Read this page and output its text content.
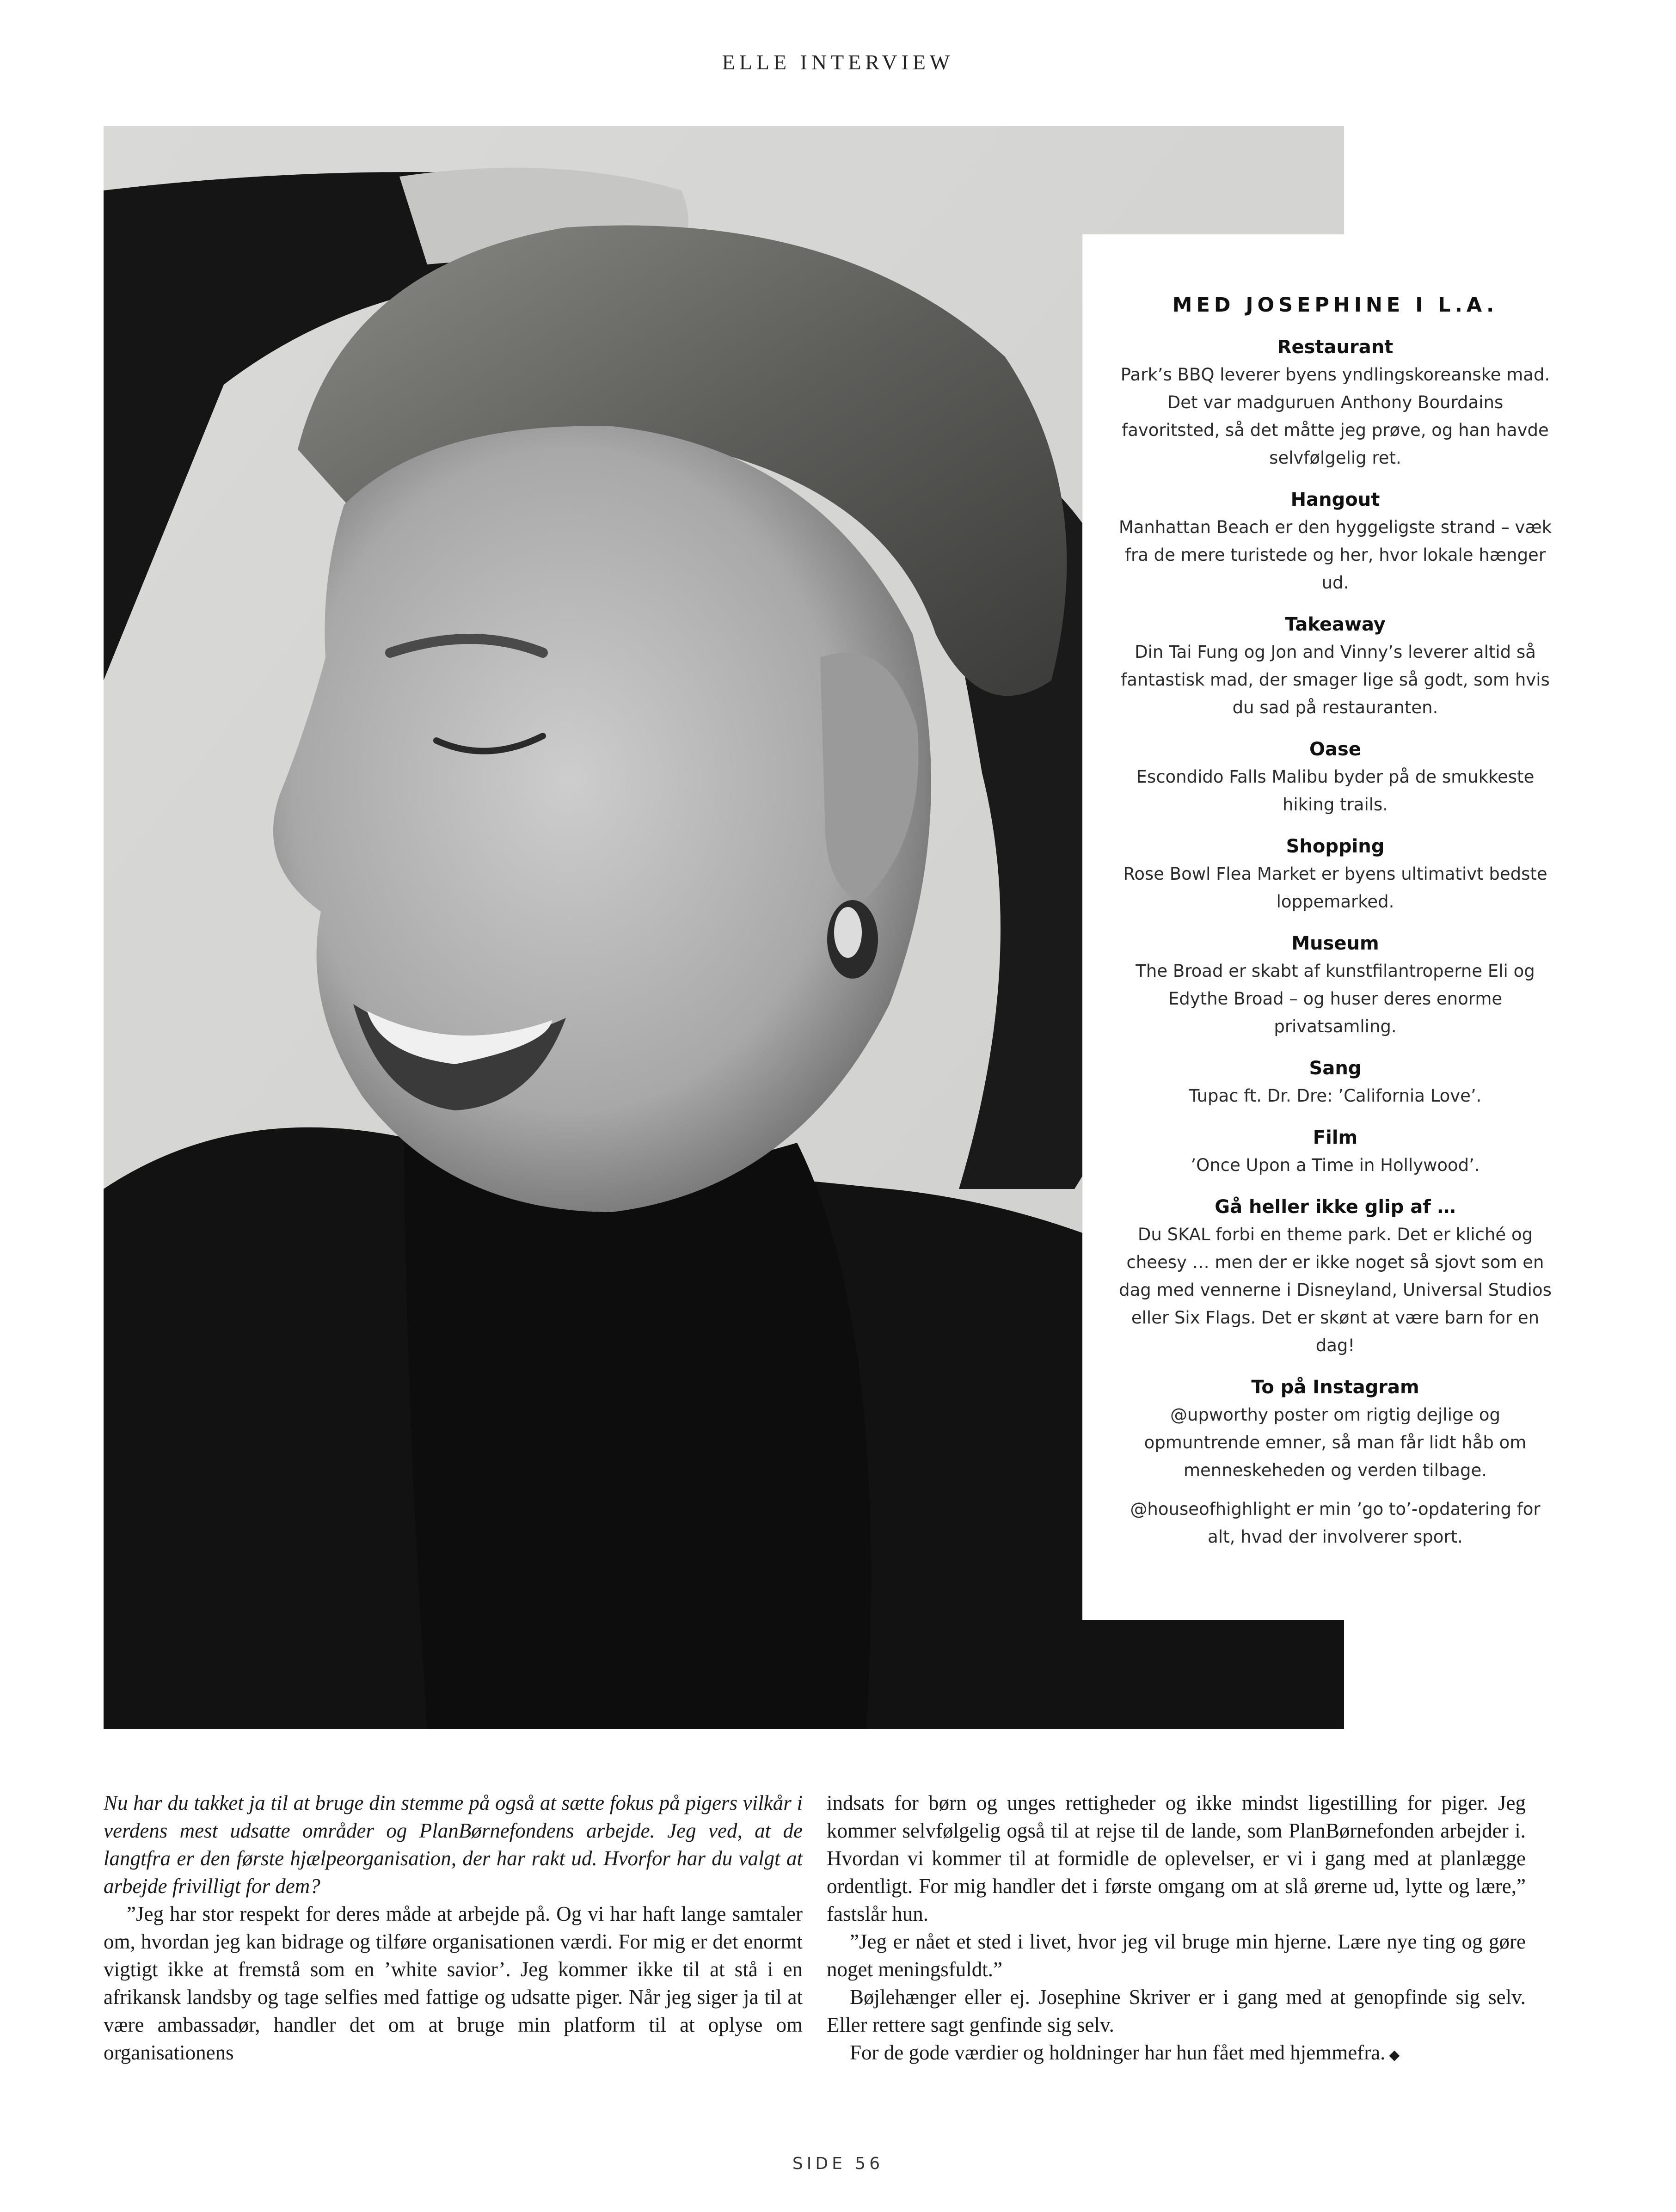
ELLE INTERVIEW
MED JOSEPHINE I L.A.
Restaurant
Park’s BBQ leverer byens yndlingskoreanske mad. Det var madguruen Anthony Bourdains favoritsted, så det måtte jeg prøve, og han havde selvfølgelig ret.
Hangout
Manhattan Beach er den hyggeligste strand – væk fra de mere turistede og her, hvor lokale hænger ud.
Takeaway
Din Tai Fung og Jon and Vinny’s leverer altid så fantastisk mad, der smager lige så godt, som hvis du sad på restauranten.
Oase
Escondido Falls Malibu byder på de smukkeste hiking trails.
Shopping
Rose Bowl Flea Market er byens ultimativt bedste loppemarked.
Museum
The Broad er skabt af kunstfilantroperne Eli og Edythe Broad – og huser deres enorme privatsamling.
Sang
Tupac ft. Dr. Dre: ’California Love’.
Film
’Once Upon a Time in Hollywood’.
Gå heller ikke glip af …
Du SKAL forbi en theme park. Det er kliché og cheesy … men der er ikke noget så sjovt som en dag med vennerne i Disneyland, Universal Studios eller Six Flags. Det er skønt at være barn for en dag!
To på Instagram
@upworthy poster om rigtig dejlige og opmuntrende emner, så man får lidt håb om menneskeheden og verden tilbage.
@houseofhighlight er min ’go to’-opdatering for alt, hvad der involverer sport.

Nu har du takket ja til at bruge din stemme på også at sætte fokus på pigers vilkår i verdens mest udsatte områder og PlanBørnefondens arbejde. Jeg ved, at de langtfra er den første hjælpeorganisation, der har rakt ud. Hvorfor har du valgt at arbejde frivilligt for dem?

”Jeg har stor respekt for deres måde at arbejde på. Og vi har haft lange samtaler om, hvordan jeg kan bidrage og tilføre organisationen værdi. For mig er det enormt vigtigt ikke at fremstå som en ’white savior’. Jeg kommer ikke til at stå i en afrikansk landsby og tage selfies med fattige og udsatte piger. Når jeg siger ja til at være ambassadør, handler det om at bruge min platform til at oplyse om organisationens

indsats for børn og unges rettigheder og ikke mindst ligestilling for piger. Jeg kommer selvfølgelig også til at rejse til de lande, som PlanBørnefonden arbejder i. Hvordan vi kommer til at formidle de oplevelser, er vi i gang med at planlægge ordentligt. For mig handler det i første omgang om at slå ørerne ud, lytte og lære,” fastslår hun.

”Jeg er nået et sted i livet, hvor jeg vil bruge min hjerne. Lære nye ting og gøre noget meningsfuldt.”

Bøjlehænger eller ej. Josephine Skriver er i gang med at genopfinde sig selv. Eller rettere sagt genfinde sig selv.

For de gode værdier og holdninger har hun fået med hjemmefra. ◆

SIDE 56
